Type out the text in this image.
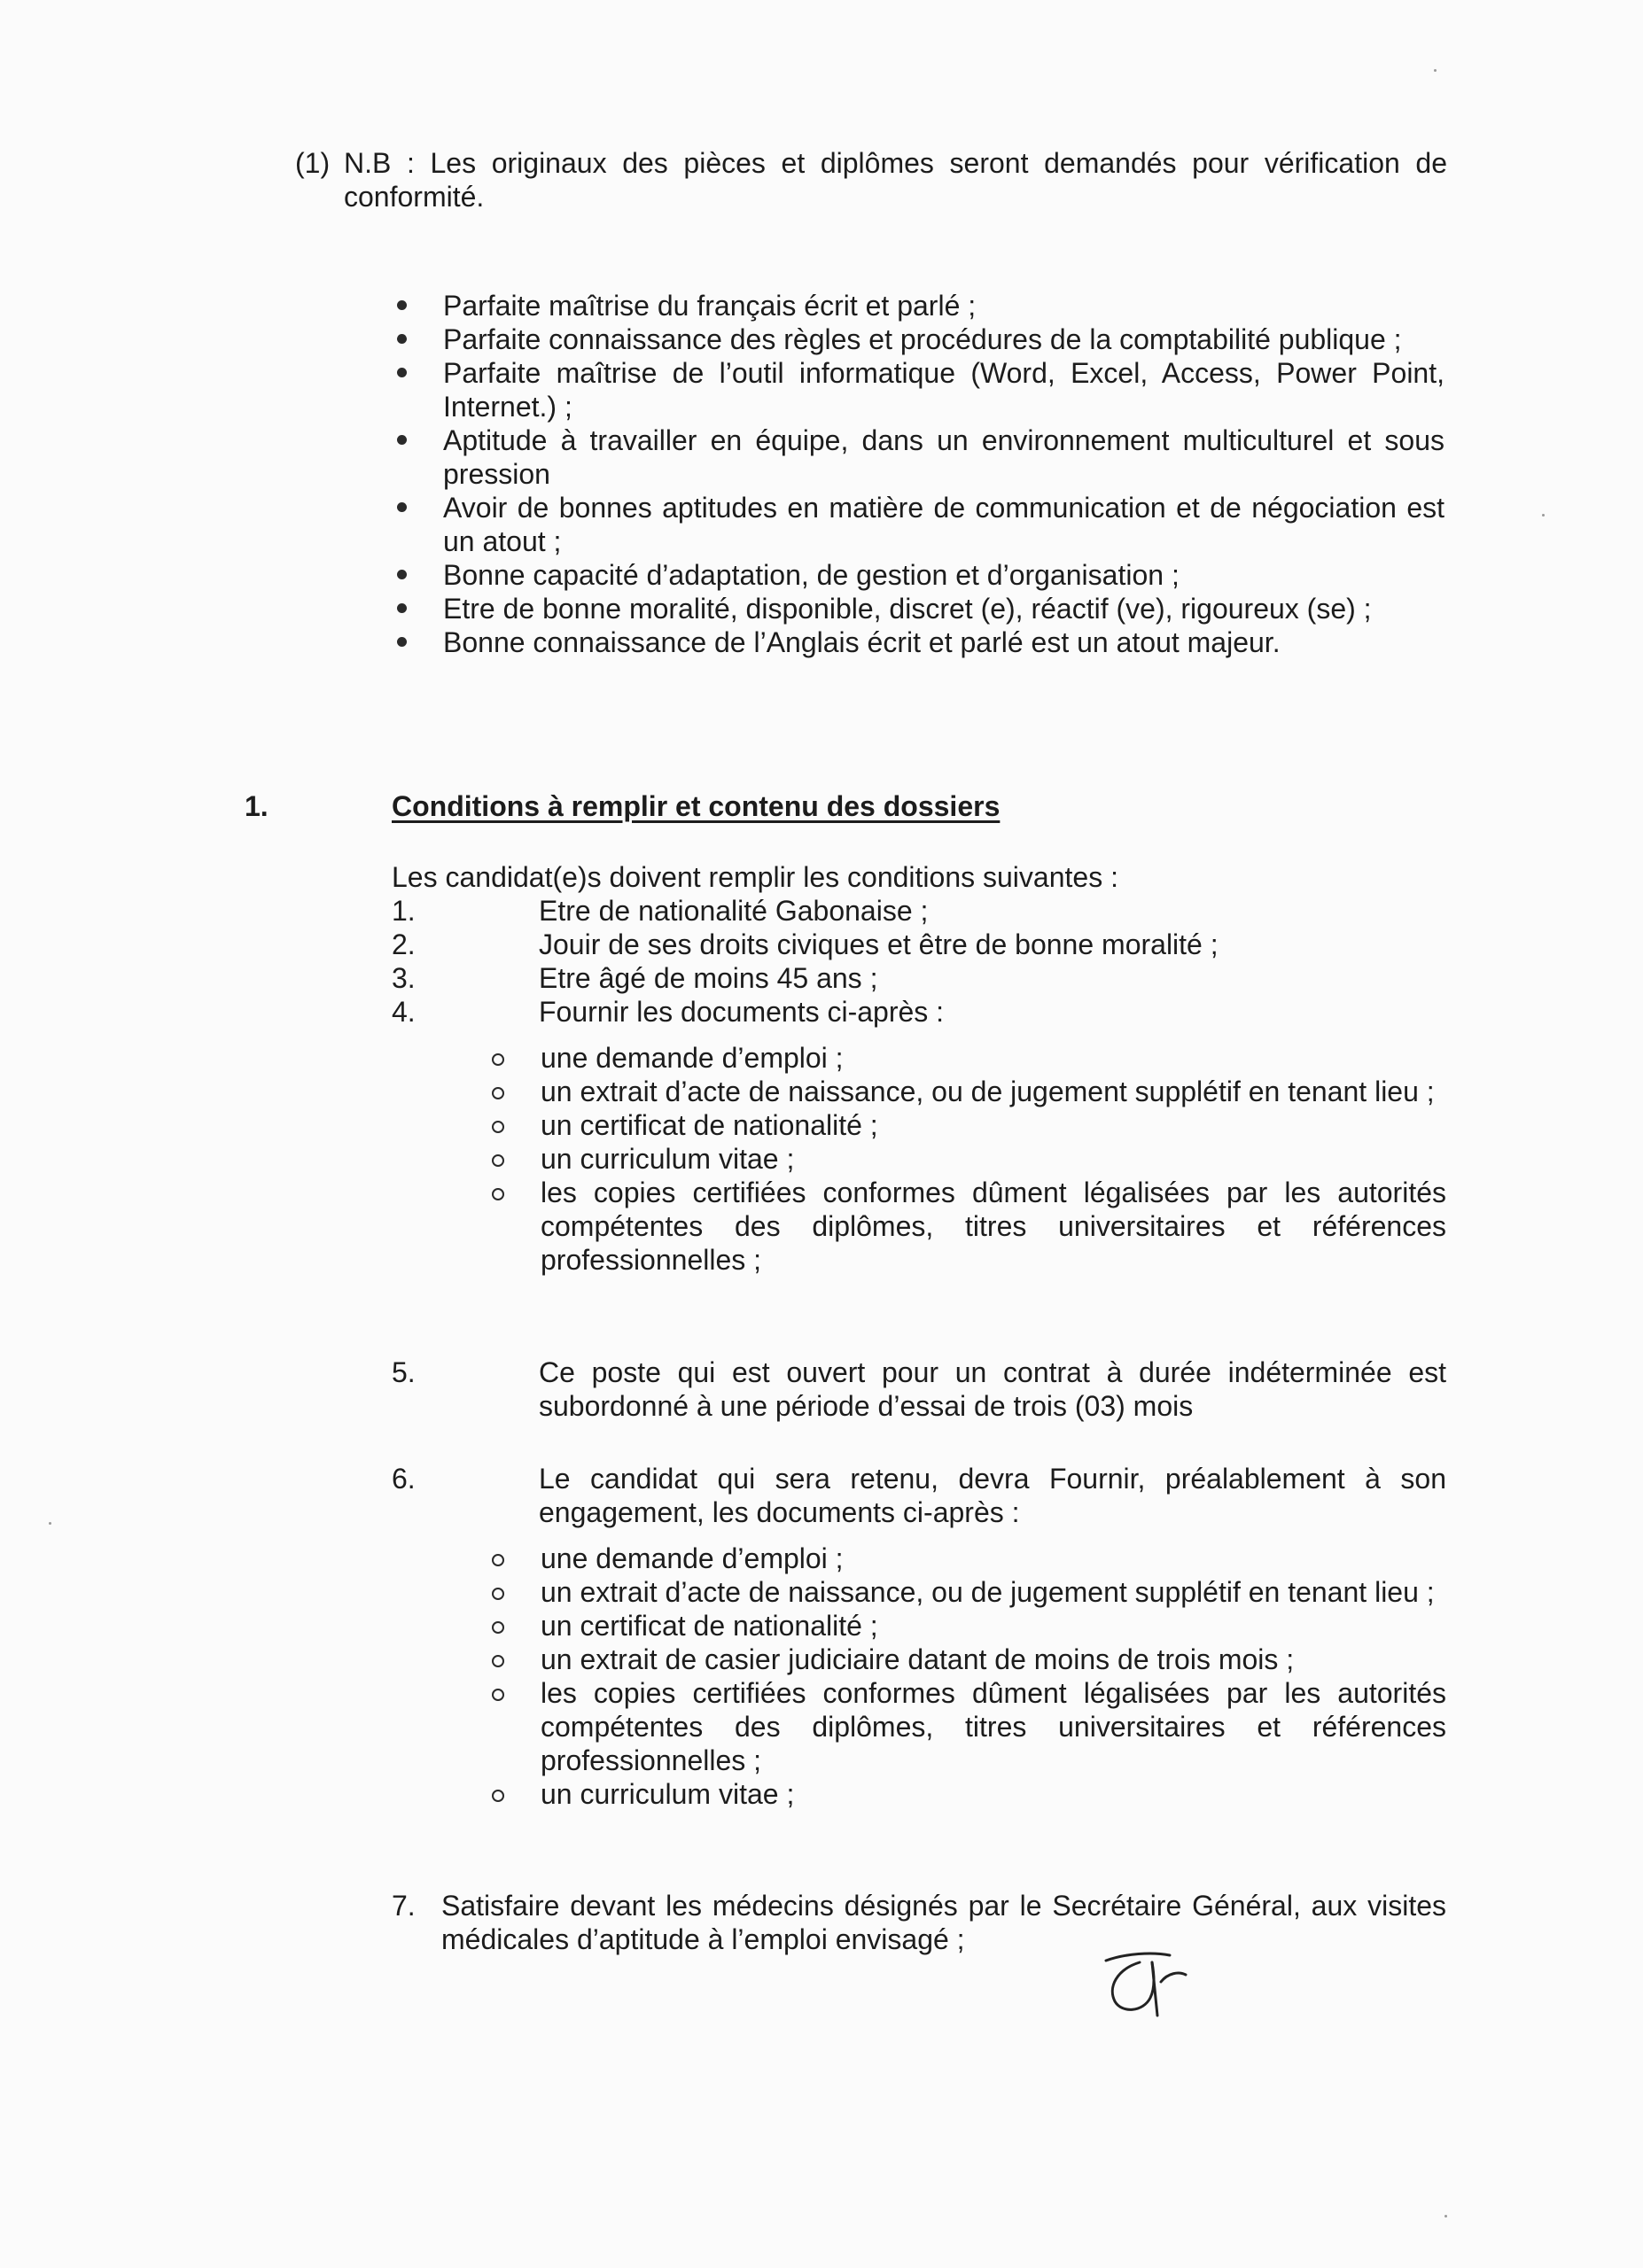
(1) N.B : Les originaux des pièces et diplômes seront demandés pour vérification de conformité.
Parfaite maîtrise du français écrit et parlé ;
Parfaite connaissance des règles et procédures de la comptabilité publique ;
Parfaite maîtrise de l’outil informatique (Word, Excel, Access, Power Point, Internet.) ;
Aptitude à travailler en équipe, dans un environnement multiculturel et sous pression
Avoir de bonnes aptitudes en matière de communication et de négociation est un atout ;
Bonne capacité d’adaptation, de gestion et d’organisation ;
Etre de bonne moralité, disponible, discret (e), réactif (ve), rigoureux (se) ;
Bonne connaissance de l’Anglais écrit et parlé est un atout majeur.
1.	Conditions à remplir et contenu des dossiers
Les candidat(e)s doivent remplir les conditions suivantes :
1.	Etre de nationalité Gabonaise ;
2.	Jouir de ses droits civiques et être de bonne moralité ;
3.	Etre âgé de moins 45 ans ;
4.	Fournir les documents ci-après :
une demande d’emploi ;
un extrait d’acte de naissance, ou de jugement supplétif en tenant lieu ;
un certificat de nationalité ;
un curriculum vitae ;
les copies certifiées conformes dûment légalisées par les autorités compétentes des diplômes, titres universitaires et références professionnelles ;
5.	Ce poste qui est ouvert pour un contrat à durée indéterminée est subordonné à une période d’essai de trois (03) mois
6.	Le candidat qui sera retenu, devra Fournir, préalablement à son engagement, les documents ci-après :
une demande d’emploi ;
un extrait d’acte de naissance, ou de jugement supplétif en tenant lieu ;
un certificat de nationalité ;
un extrait de casier judiciaire datant de moins de trois mois ;
les copies certifiées conformes dûment légalisées par les autorités compétentes des diplômes, titres universitaires et références professionnelles ;
un curriculum vitae ;
7. Satisfaire devant les médecins désignés par le Secrétaire Général, aux visites médicales d’aptitude à l’emploi envisagé ;
